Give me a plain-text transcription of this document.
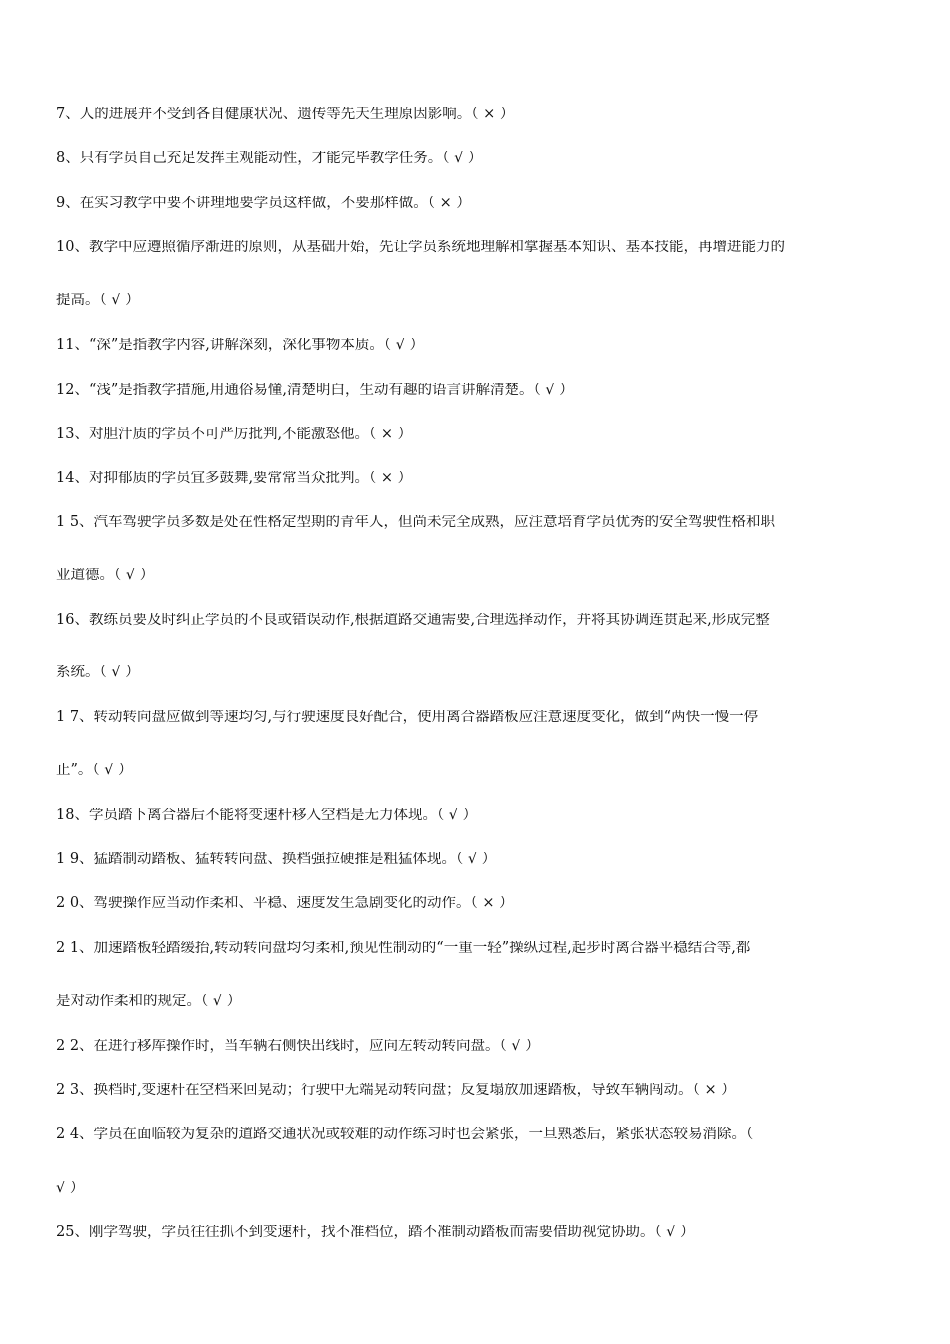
7、人的进展并不受到各自健康状况、遗传等先天生理原因影响。（ × ）
8、只有学员自己充足发挥主观能动性，才能完毕教学任务。（ √ ）
9、在实习教学中要不讲理地要学员这样做，不要那样做。（ × ）
10、教学中应遵照循序渐进的原则，从基础开始，先让学员系统地理解和掌握基本知识、基本技能，再增进能力的
提高。（ √ ）
11、“深”是指教学内容,讲解深刻，深化事物本质。（ √ ）
12、“浅”是指教学措施,用通俗易懂,清楚明白，生动有趣的语言讲解清楚。（ √ ）
13、对胆汁质的学员不可严厉批判,不能激怒他。（ × ）
14、对抑郁质的学员宜多鼓舞,要常常当众批判。（ × ）
1 5、汽车驾驶学员多数是处在性格定型期的青年人，但尚未完全成熟，应注意培育学员优秀的安全驾驶性格和职
业道德。（ √ ）
16、教练员要及时纠正学员的不良或错误动作,根据道路交通需要,合理选择动作，并将其协调连贯起来,形成完整
系统。（ √ ）
1 7、转动转向盘应做到等速均匀,与行驶速度良好配合，使用离合器踏板应注意速度变化，做到“两快一慢一停
止”。（ √ ）
18、学员踏下离合器后不能将变速杆移入空档是无力体现。（ √ ）
1 9、猛踏制动踏板、猛转转向盘、换档强拉硬推是粗猛体现。（ √ ）
2 0、驾驶操作应当动作柔和、平稳、速度发生急剧变化的动作。（ × ）
2 1、加速踏板轻踏缓抬,转动转向盘均匀柔和,预见性制动的“一重一轻”操纵过程,起步时离合器平稳结合等,都
是对动作柔和的规定。（ √ ）
2 2、在进行移库操作时，当车辆右侧快出线时，应向左转动转向盘。（ √ ）
2 3、换档时,变速杆在空档来回晃动；行驶中无端晃动转向盘；反复塌放加速踏板，导致车辆闯动。（ × ）
2 4、学员在面临较为复杂的道路交通状况或较难的动作练习时也会紧张，一旦熟悉后，紧张状态较易消除。（
√ ）
25、刚学驾驶，学员往往抓不到变速杆，找不准档位，踏不准制动踏板而需要借助视觉协助。（ √ ）
